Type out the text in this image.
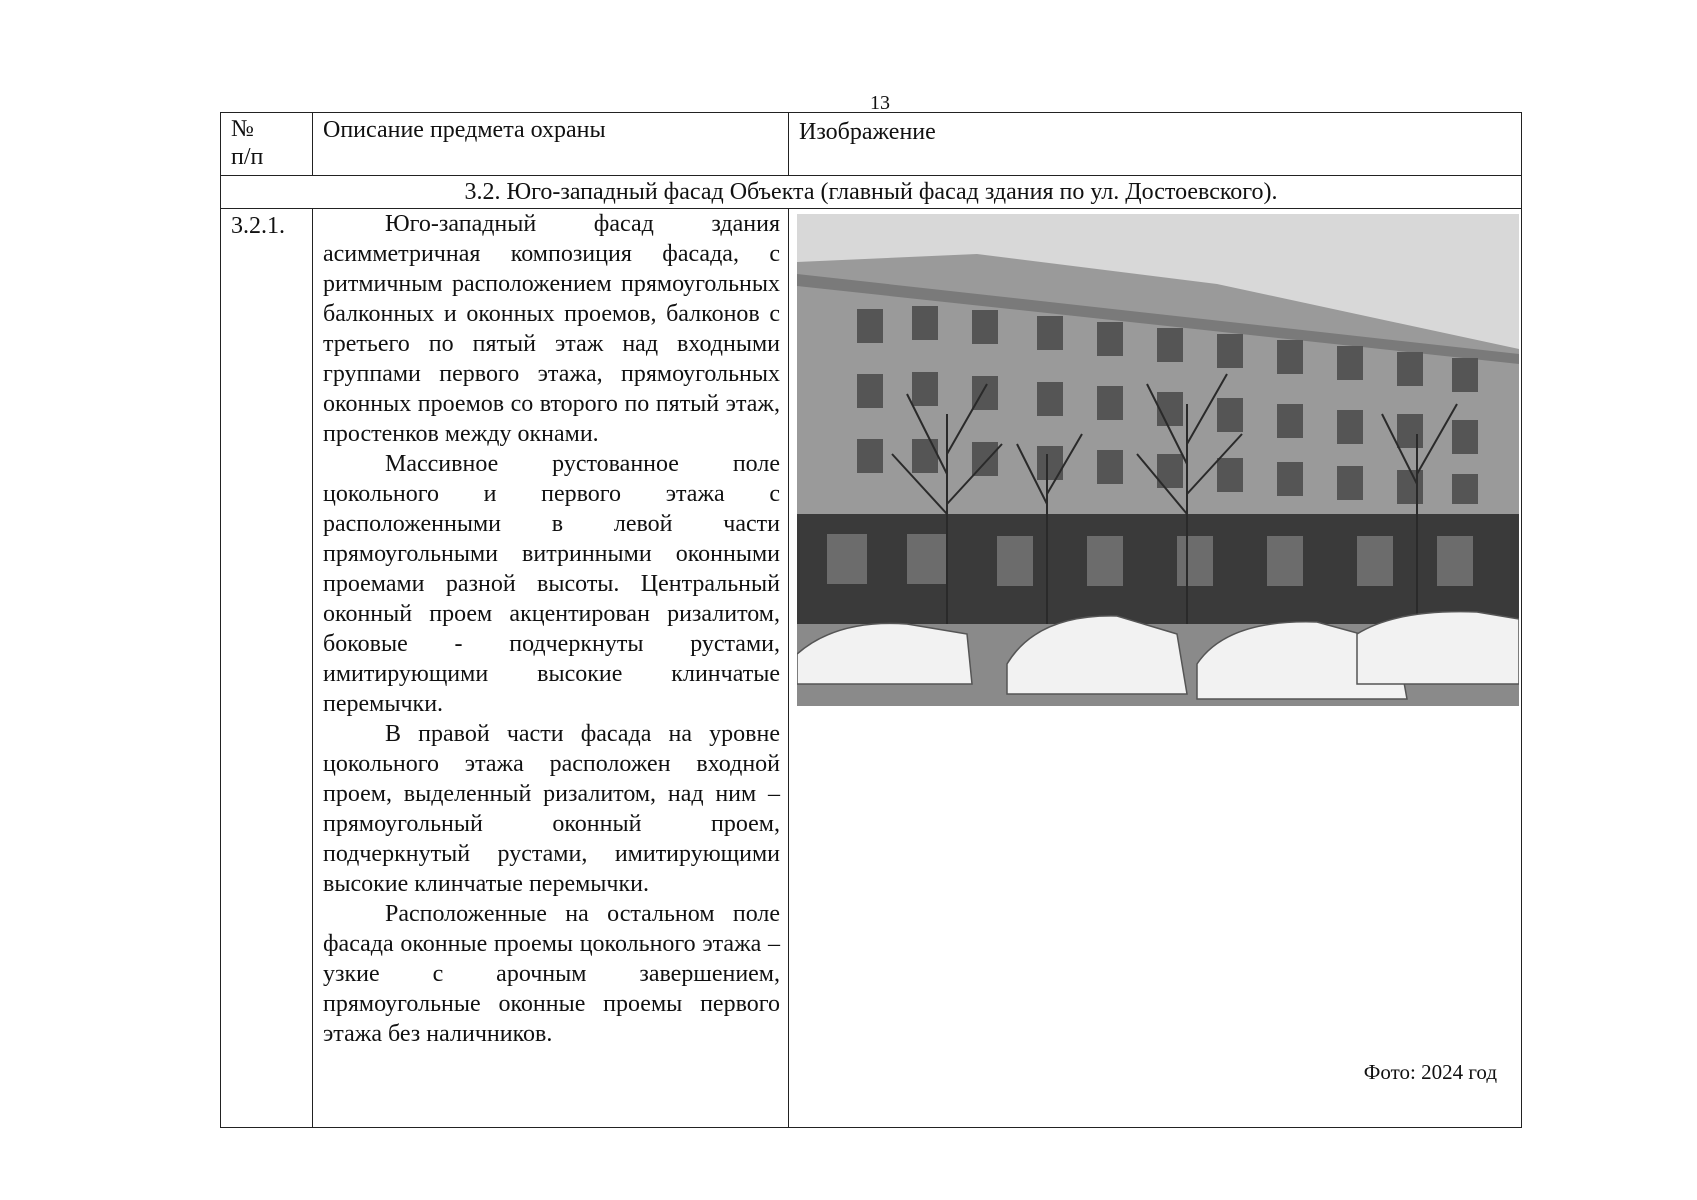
13
№
п/п	Описание предмета охраны	Изображение
3.2. Юго-западный фасад Объекта (главный фасад здания по ул. Достоевского).		
3.2.1.	Юго-западный фасад здания асимметричная композиция фасада, с ритмичным расположением прямоугольных балконных и оконных проемов, балконов с третьего по пятый этаж над входными группами первого этажа, прямоугольных оконных проемов со второго по пятый этаж, простенков между окнами.

Массивное рустованное поле цокольного и первого этажа с расположенными в левой части прямоугольными витринными оконными проемами разной высоты. Центральный оконный проем акцентирован ризалитом, боковые - подчеркнуты рустами, имитирующими высокие клинчатые перемычки.

В правой части фасада на уровне цокольного этажа расположен входной проем, выделенный ризалитом, над ним – прямоугольный оконный проем, подчеркнутый рустами, имитирующими высокие клинчатые перемычки.

Расположенные на остальном поле фасада оконные проемы цокольного этажа – узкие с арочным завершением, прямоугольные оконные проемы первого этажа без наличников.	Фото: 2024 год
